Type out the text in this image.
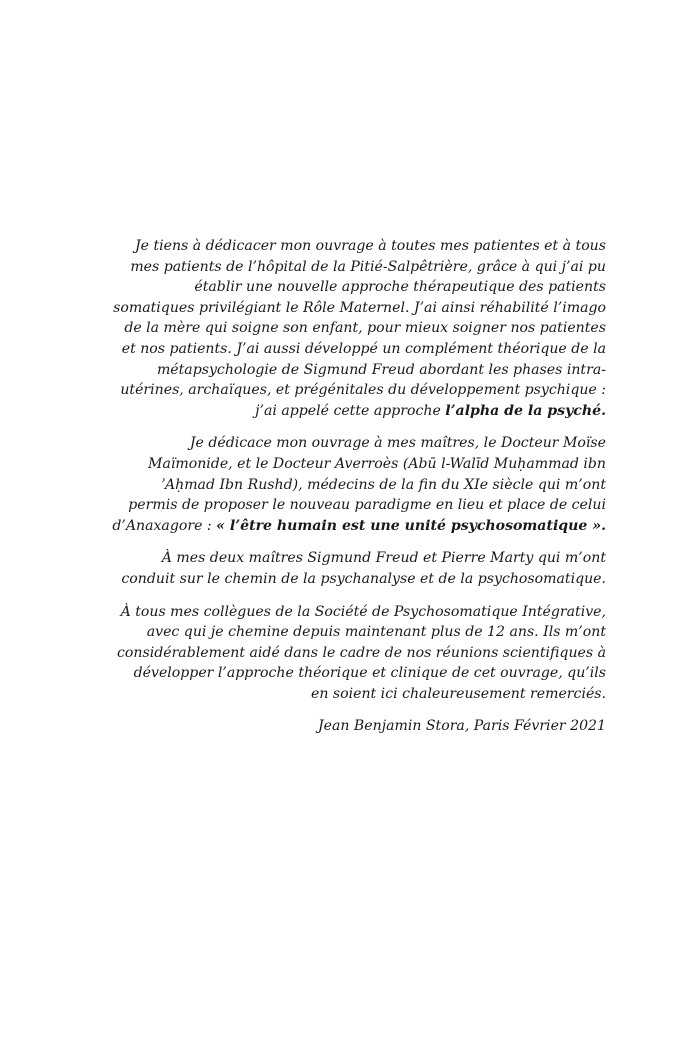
Je tiens à dédicacer mon ouvrage à toutes mes patientes et à tous mes patients de l’hôpital de la Pitié-Salpêtrière, grâce à qui j’ai pu établir une nouvelle approche thérapeutique des patients somatiques privilégiant le Rôle Maternel. J’ai ainsi réhabilité l’imago de la mère qui soigne son enfant, pour mieux soigner nos patientes et nos patients. J’ai aussi développé un complément théorique de la métapsychologie de Sigmund Freud abordant les phases intra-utérines, archaïques, et prégénitales du développement psychique : j’ai appelé cette approche l’alpha de la psyché.

Je dédicace mon ouvrage à mes maîtres, le Docteur Moïse Maïmonide, et le Docteur Averroès (Abū l-Walīd Muḥammad ibn ʾAḥmad Ibn Rushd), médecins de la fin du XIe siècle qui m’ont permis de proposer le nouveau paradigme en lieu et place de celui d’Anaxagore : « l’être humain est une unité psychosomatique ».

À mes deux maîtres Sigmund Freud et Pierre Marty qui m’ont conduit sur le chemin de la psychanalyse et de la psychosomatique.

À tous mes collègues de la Société de Psychosomatique Intégrative, avec qui je chemine depuis maintenant plus de 12 ans. Ils m’ont considérablement aidé dans le cadre de nos réunions scientifiques à développer l’approche théorique et clinique de cet ouvrage, qu’ils en soient ici chaleureusement remerciés.

Jean Benjamin Stora, Paris Février 2021
